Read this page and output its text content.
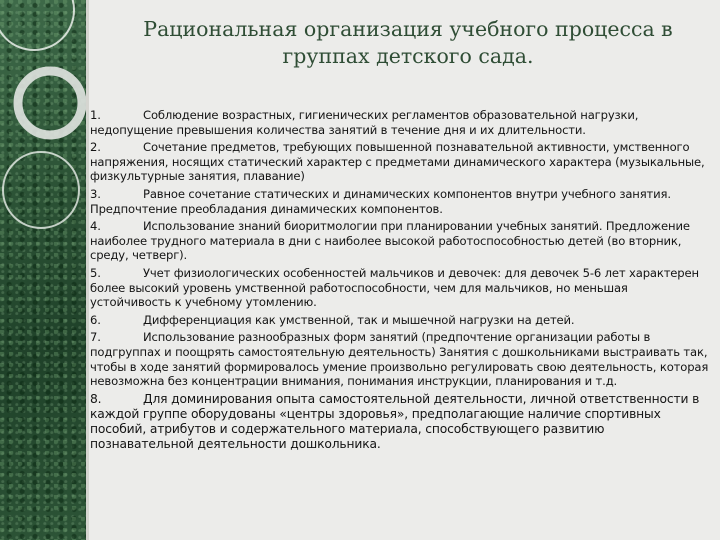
Рациональная организация учебного процесса в группах детского сада.
1.	Соблюдение возрастных, гигиенических регламентов образовательной нагрузки, недопущение превышения количества занятий в течение дня и их длительности.
2.	Сочетание предметов, требующих повышенной познавательной активности, умственного напряжения, носящих статический характер с предметами динамического характера (музыкальные, физкультурные занятия, плавание)
3.	Равное сочетание статических и динамических компонентов внутри учебного занятия. Предпочтение преобладания динамических компонентов.
4.	Использование знаний биоритмологии при планировании учебных занятий. Предложение наиболее трудного материала в дни с наиболее высокой работоспособностью детей (во вторник, среду, четверг).
5.	Учет физиологических особенностей мальчиков и девочек: для девочек 5-6 лет характерен более высокий уровень умственной работоспособности, чем для мальчиков, но меньшая устойчивость к учебному утомлению.
6.	Дифференциация как умственной, так и мышечной нагрузки на детей.
7.	Использование разнообразных форм занятий (предпочтение организации работы в подгруппах и поощрять самостоятельную деятельность) Занятия с дошкольниками выстраивать так, чтобы в ходе занятий формировалось умение произвольно регулировать свою деятельность, которая невозможна без концентрации внимания, понимания инструкции, планирования и т.д.
8.	Для доминирования опыта самостоятельной деятельности, личной ответственности в каждой группе оборудованы «центры здоровья», предполагающие наличие спортивных пособий, атрибутов и содержательного материала, способствующего развитию познавательной деятельности дошкольника.
